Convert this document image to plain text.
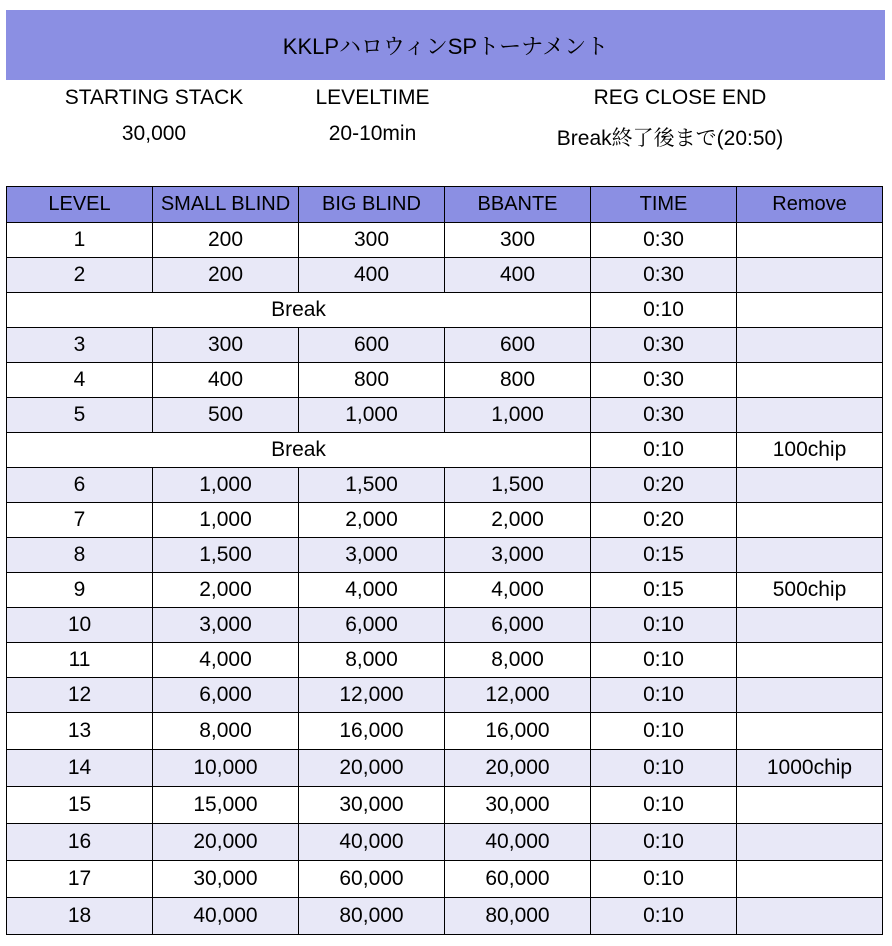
KKLPハロウィンSPトーナメント
STARTING STACK
30,000
LEVELTIME
20-10min
REG CLOSE END
Break終了後まで(20:50)
LEVEL	SMALL BLIND	BIG BLIND	BBANTE	TIME	Remove
1	200	300	300	0:30	
2	200	400	400	0:30	
Break				0:10	
3	300	600	600	0:30	
4	400	800	800	0:30	
5	500	1,000	1,000	0:30	
Break				0:10	100chip
6	1,000	1,500	1,500	0:20	
7	1,000	2,000	2,000	0:20	
8	1,500	3,000	3,000	0:15	
9	2,000	4,000	4,000	0:15	500chip
10	3,000	6,000	6,000	0:10	
11	4,000	8,000	8,000	0:10	
12	6,000	12,000	12,000	0:10	
13	8,000	16,000	16,000	0:10	
14	10,000	20,000	20,000	0:10	1000chip
15	15,000	30,000	30,000	0:10	
16	20,000	40,000	40,000	0:10	
17	30,000	60,000	60,000	0:10	
18	40,000	80,000	80,000	0:10	
